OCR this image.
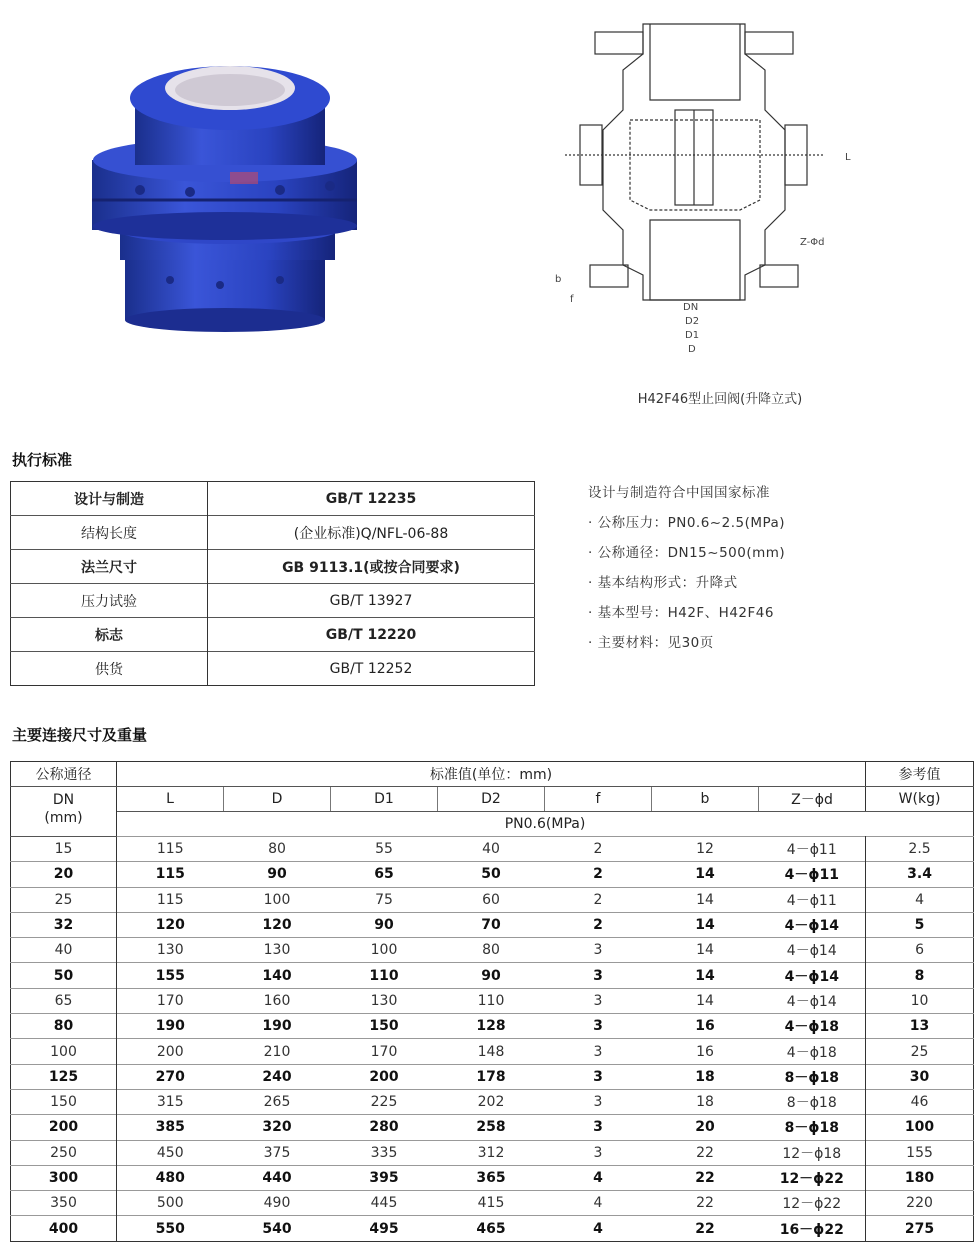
L
Z-Φd
DN
D2
D1
D
b
f
H42F46型止回阀(升降立式)
执行标准
设计与制造	GB/T 12235
结构长度	(企业标准)Q/NFL-06-88
法兰尺寸	GB 9113.1(或按合同要求)
压力试验	GB/T 13927
标志	GB/T 12220
供货	GB/T 12252
设计与制造符合中国国家标准
· 公称压力：PN0.6~2.5(MPa)
· 公称通径：DN15~500(mm)
· 基本结构形式：升降式
· 基本型号：H42F、H42F46
· 主要材料：见30页
主要连接尺寸及重量
公称通径	标准值(单位：mm)							参考值
DN
(mm)	L	D	D1	D2	f	b	Z－ϕd	W(kg)
	PN0.6(MPa)							
15	115	80	55	40	2	12	4－ϕ11	2.5
20	115	90	65	50	2	14	4－ϕ11	3.4
25	115	100	75	60	2	14	4－ϕ11	4
32	120	120	90	70	2	14	4－ϕ14	5
40	130	130	100	80	3	14	4－ϕ14	6
50	155	140	110	90	3	14	4－ϕ14	8
65	170	160	130	110	3	14	4－ϕ14	10
80	190	190	150	128	3	16	4－ϕ18	13
100	200	210	170	148	3	16	4－ϕ18	25
125	270	240	200	178	3	18	8－ϕ18	30
150	315	265	225	202	3	18	8－ϕ18	46
200	385	320	280	258	3	20	8－ϕ18	100
250	450	375	335	312	3	22	12－ϕ18	155
300	480	440	395	365	4	22	12－ϕ22	180
350	500	490	445	415	4	22	12－ϕ22	220
400	550	540	495	465	4	22	16－ϕ22	275
